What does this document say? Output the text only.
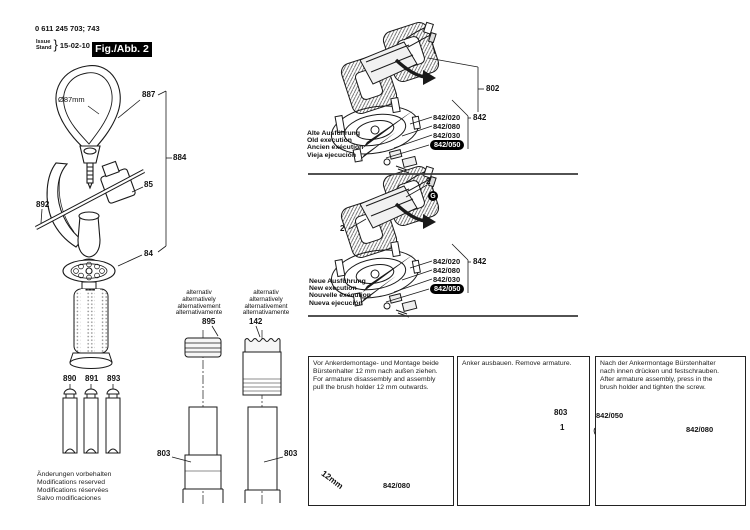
0 611 245 703; 743
Issue
Stand } 15-02-10 Fig./Abb. 2
Ø87mm
887
884
85
892
84
890 891 893
alternativ
alternatively
alternativement
alternativamente
895
alternativ
alternatively
alternativement
alternativamente
142
803	803
802
842
842/020
842/080
842/030
842/050
Alte Ausführung
Old execution
Ancien exécution
Vieja ejecución
2
G
2
842
842/020
842/080
842/030
842/050
Neue Ausführung
New execution
Nouvelle exécution
Nueva ejecución
Vor Ankerdemontage- und Montage beide
Bürstenhalter 12 mm nach außen ziehen.
For armature disassembly and assembly
pull the brush holder 12 mm outwards.
Anker ausbauen. Remove armature.	Nach der Ankermontage Bürstenhalter
nach innen drücken und festschrauben.
After armature assembly, press in the
brush holder and tighten the screw.
12mm	842/080
803
1
842/050
842/080
Änderungen vorbehalten
Modifications reserved
Modifications réservées
Salvo modificaciones
